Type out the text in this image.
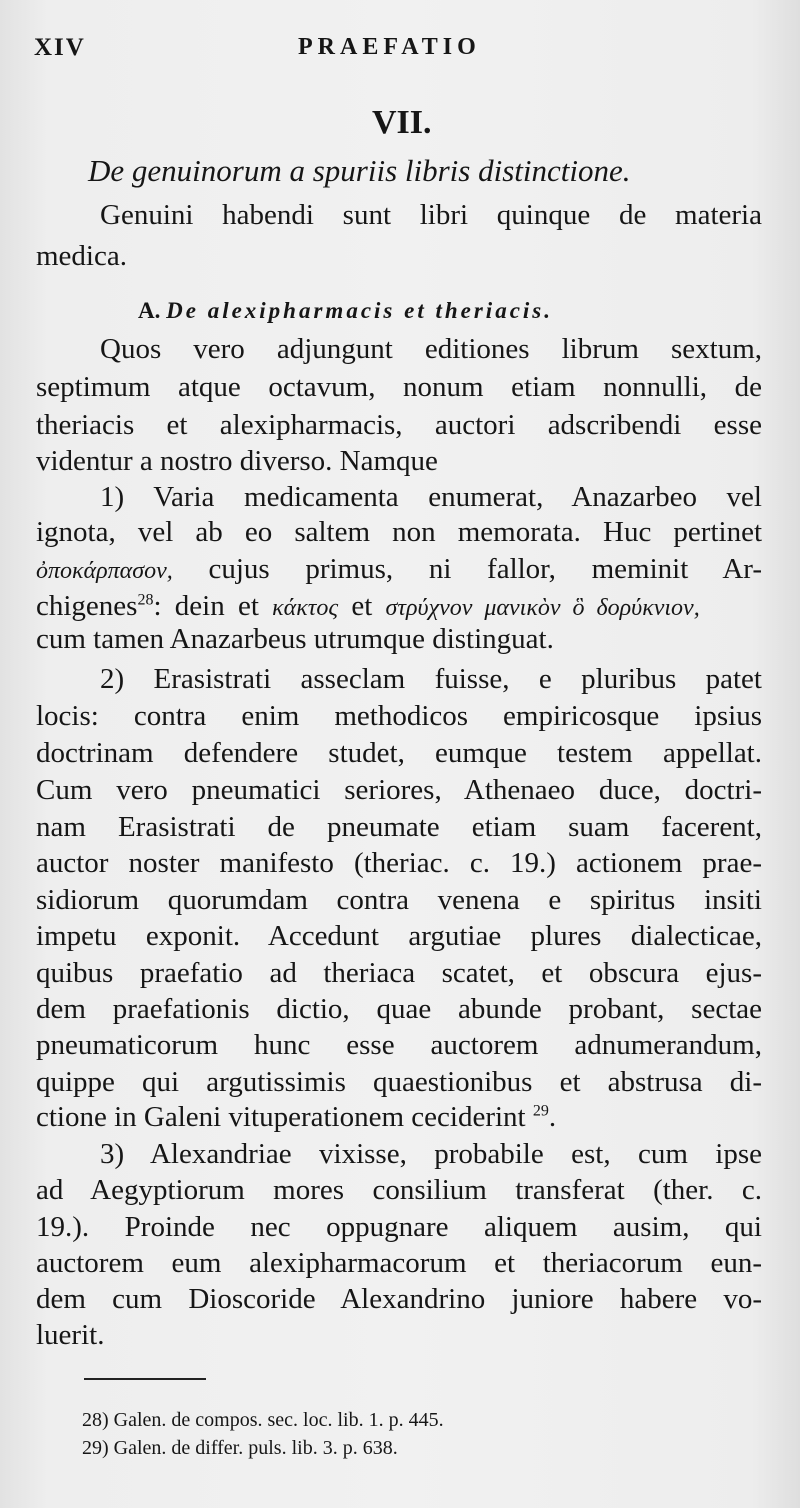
XIV	PRAEFATIO
VII.
De genuinorum a spuriis libris distinctione.
Genuini habendi sunt libri quinque de materia
medica.
A. De alexipharmacis et theriacis.
Quos vero adjungunt editiones librum sextum,
septimum atque octavum, nonum etiam nonnulli, de
theriacis et alexipharmacis, auctori adscribendi esse
videntur a nostro diverso. Namque
1) Varia medicamenta enumerat, Anazarbeo vel
ignota, vel ab eo saltem non memorata. Huc pertinet
ὀποκάρπασον, cujus primus, ni fallor, meminit Ar-
chigenes$^{28}$: dein et κάκτος et στρύχνον μανικὸν ὃ δορύκνιον,
cum tamen Anazarbeus utrumque distinguat.
2) Erasistrati asseclam fuisse, e pluribus patet
locis: contra enim methodicos empiricosque ipsius
doctrinam defendere studet, eumque testem appellat.
Cum vero pneumatici seriores, Athenaeo duce, doctri-
nam Erasistrati de pneumate etiam suam facerent,
auctor noster manifesto (theriac. c. 19.) actionem prae-
sidiorum quorumdam contra venena e spiritus insiti
impetu exponit. Accedunt argutiae plures dialecticae,
quibus praefatio ad theriaca scatet, et obscura ejus-
dem praefationis dictio, quae abunde probant, sectae
pneumaticorum hunc esse auctorem adnumerandum,
quippe qui argutissimis quaestionibus et abstrusa di-
ctione in Galeni vituperationem ceciderint $^{29}$.
3) Alexandriae vixisse, probabile est, cum ipse
ad Aegyptiorum mores consilium transferat (ther. c.
19.). Proinde nec oppugnare aliquem ausim, qui
auctorem eum alexipharmacorum et theriacorum eun-
dem cum Dioscoride Alexandrino juniore habere vo-
luerit.
28) Galen. de compos. sec. loc. lib. 1. p. 445.
29) Galen. de differ. puls. lib. 3. p. 638.
